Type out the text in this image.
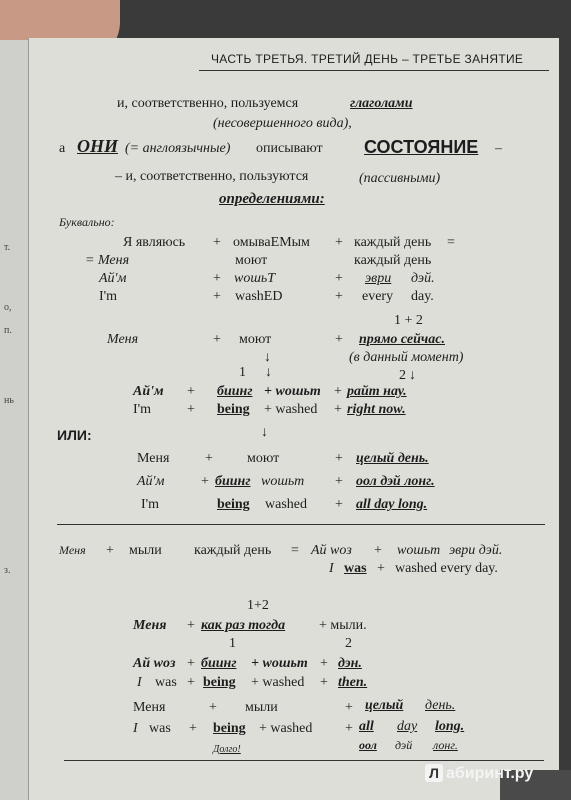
т.
о,
п.
нь
з.
ЧАСТЬ ТРЕТЬЯ. ТРЕТИЙ ДЕНЬ – ТРЕТЬЕ ЗАНЯТИЕ
и, соответственно, пользуемся	глаголами
(несовершенного вида),
а ОНИ (= англоязычные) описывают СОСТОЯНИЕ –
– и, соответственно, пользуются	(пассивными)
определениями:
Буквально:
Я являюсь + омываEMым + каждый день =
= Меня	моют	каждый день
Ай'м	+ wошьT	+ эври дэй.
I'm	+ washED	+ every day.
1 + 2
Меня	+ моют	+ прямо сейчас.
(в данный момент)
↓
1 ↓	2 ↓
Ай'м + биинг + wошьт + райт нау.
I'm	+ being + washed + right now.
ИЛИ:	↓
Меня	+ моют	+ целый день.
Ай'м	+ биинг wошьт + оол дэй лонг.
I'm	being washed + all day long.
Меня + мыли каждый день = Ай woз + wошьт эври дэй.
I was + washed every day.
1+2
Меня + как раз тогда + мыли.
1	2
Ай woз + биинг + wошьт + дэн.
I was + being + washed + then.
Меня	+ мыли	+ целый день.
I was + being + washed + all day long.
оол дэй лонг.
Долго!
Л абиринт.ру
